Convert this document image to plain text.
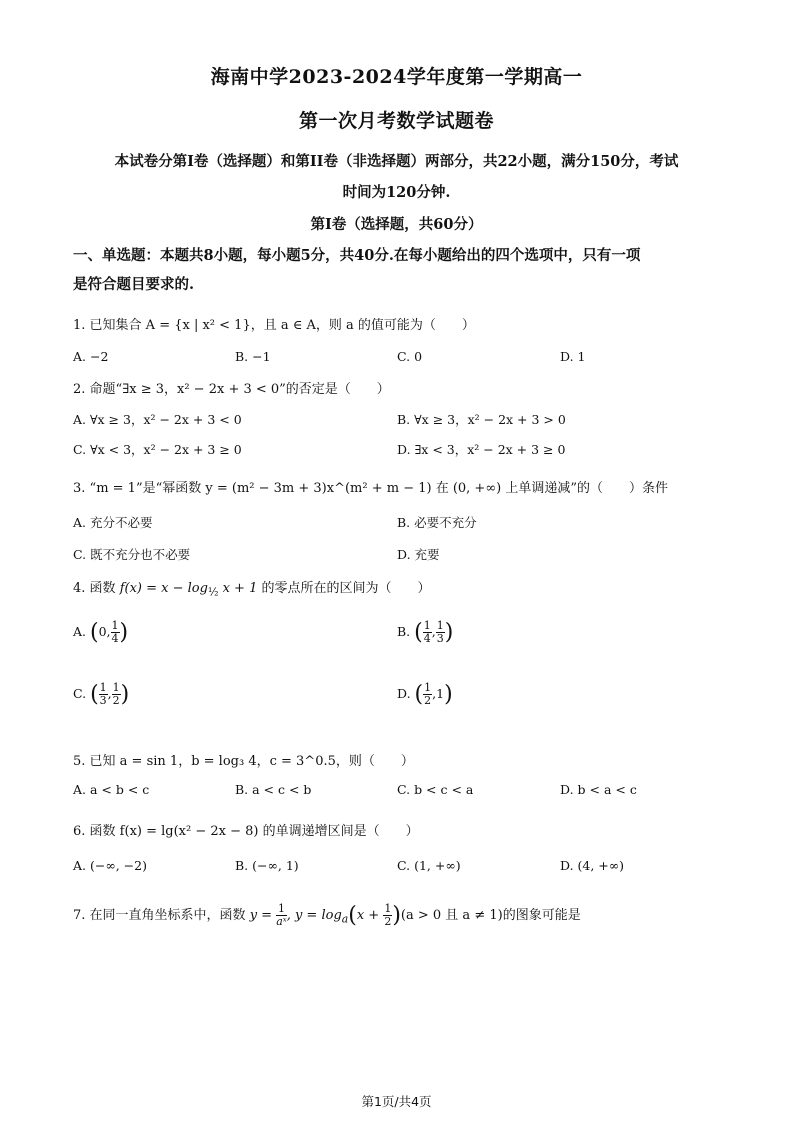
海南中学2023-2024学年度第一学期高一
第一次月考数学试题卷
本试卷分第I卷（选择题）和第II卷（非选择题）两部分，共22小题，满分150分，考试
时间为120分钟.
第I卷（选择题，共60分）
一、单选题：本题共8小题，每小题5分，共40分.在每小题给出的四个选项中，只有一项
是符合题目要求的.
1. 已知集合 A = {x | x² < 1}，且 a ∈ A，则 a 的值可能为（　　）
A. −2	B. −1	C. 0	D. 1
2. 命题“∃x ≥ 3，x² − 2x + 3 < 0”的否定是（　　）
A. ∀x ≥ 3，x² − 2x + 3 < 0	B. ∀x ≥ 3，x² − 2x + 3 > 0
C. ∀x < 3，x² − 2x + 3 ≥ 0	D. ∃x < 3，x² − 2x + 3 ≥ 0
3. “m = 1”是“幂函数 y = (m² − 3m + 3)x^(m² + m − 1) 在 (0, +∞) 上单调递减”的（　　）条件
A. 充分不必要	B. 必要不充分
C. 既不充分也不必要	D. 充要
4. 函数 $f(x) = x - \log_{\frac{1}{2}} x + 1$ 的零点所在的区间为（　　）
A. (0, $\frac{1}{4}$ )	B. ( $\frac{1}{4}$ , $\frac{1}{3}$ )
C. ( $\frac{1}{3}$ , $\frac{1}{2}$ )	D. ( $\frac{1}{2} ,1$)
5. 已知 a = sin 1，b = log₃ 4，c = 3^0.5，则（　　）
A. a < b < c	B. a < c < b	C. b < c < a	D. b < a < c
6. 函数 f(x) = lg(x² − 2x − 8) 的单调递增区间是（　　）
A. (−∞, −2)	B. (−∞, 1)	C. (1, +∞)	D. (4, +∞)
7. 在同一直角坐标系中，函数 $y = \frac{1}{\text{aˣ}}$ , $y = \log_a(x + \frac{1}{2} )(a > 0$ 且 a ≠ 1)的图象可能是
第1页/共4页
